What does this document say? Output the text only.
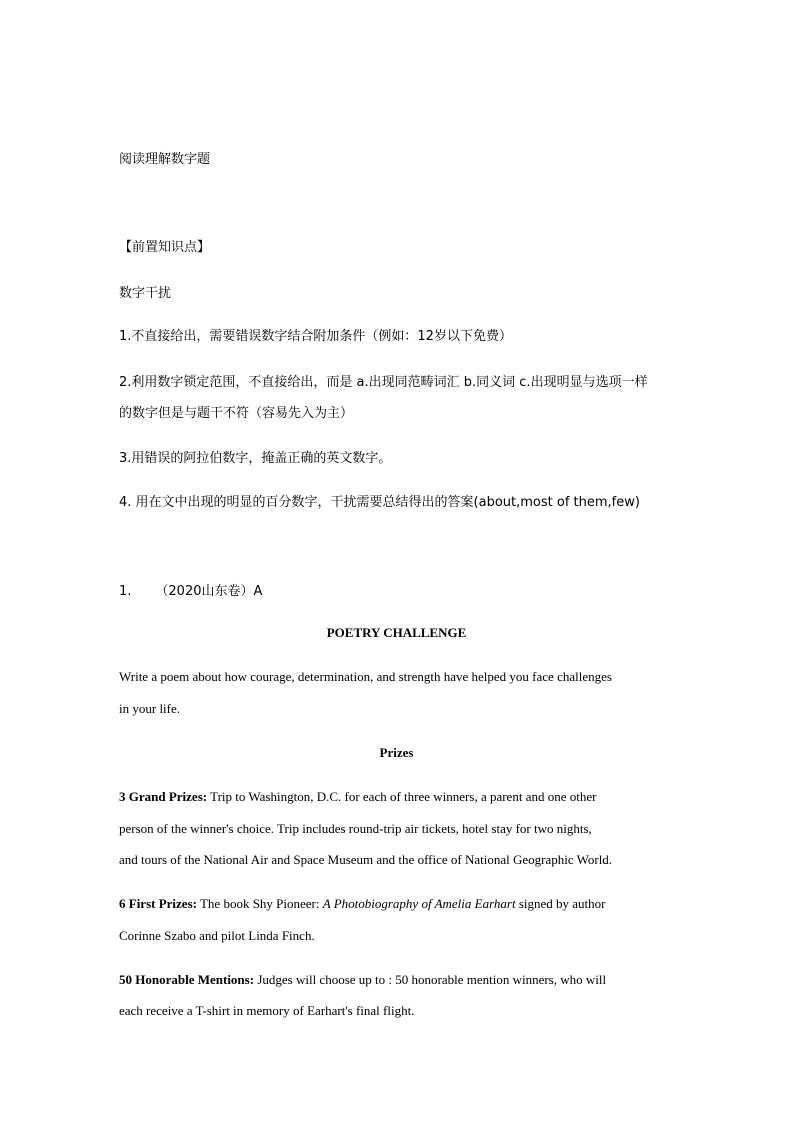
阅读理解数字题
【前置知识点】
数字干扰
1.不直接给出，需要错误数字结合附加条件（例如：12岁以下免费）
2.利用数字锁定范围，不直接给出，而是 a.出现同范畴词汇 b.同义词 c.出现明显与选项一样
的数字但是与题干不符（容易先入为主）
3.用错误的阿拉伯数字，掩盖正确的英文数字。
4. 用在文中出现的明显的百分数字，干扰需要总结得出的答案(about,most of them,few)
1. （2020山东卷）A
POETRY CHALLENGE
Write a poem about how courage, determination, and strength have helped you face challenges
in your life.
Prizes
3 Grand Prizes: Trip to Washington, D.C. for each of three winners, a parent and one other
person of the winner's choice. Trip includes round-trip air tickets, hotel stay for two nights,
and tours of the National Air and Space Museum and the office of National Geographic World.
6 First Prizes: The book Shy Pioneer: A Photobiography of Amelia Earhart signed by author
Corinne Szabo and pilot Linda Finch.
50 Honorable Mentions: Judges will choose up to : 50 honorable mention winners, who will
each receive a T-shirt in memory of Earhart's final flight.
